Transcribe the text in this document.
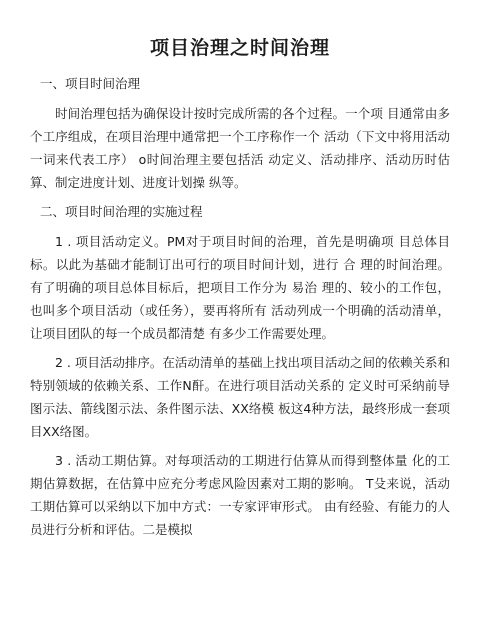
项目治理之时间治理
一、项目时间治理

时间治理包括为确保设计按时完成所需的各个过程。一个项 目通常由多个工序组成，在项目治理中通常把一个工序称作一个 活动（下文中将用活动一词来代表工序） o时间治理主要包括活 动定义、活动排序、活动历时估算、制定进度计划、进度计划操 纵等。

二、项目时间治理的实施过程

1 . 项目活动定义。PM对于项目时间的治理，首先是明确项 目总体目标。以此为基础才能制订出可行的项目时间计划，进行 合 理的时间治理。有了明确的项目总体目标后，把项目工作分为 易治 理的、较小的工作包，也叫多个项目活动（或任务），要再将所有 活动列成一个明确的活动清单，让项目团队的每一个成员都清楚 有多少工作需要处理。

2 . 项目活动排序。在活动清单的基础上找出项目活动之间的依赖关系和特别领域的依赖关系、工作N酐。在进行项目活动关系的 定义时可采纳前导图示法、箭线图示法、条件图示法、XX络模 板这4种方法，最终形成一套项目XX络图。

3 . 活动工期估算。对每项活动的工期进行估算从而得到整体量 化的工期估算数据，在估算中应充分考虑风险因素对工期的影响。 T殳来说，活动工期估算可以采纳以下加中方式：一专家评审形式。 由有经验、有能力的人员进行分析和评估。二是模拟
